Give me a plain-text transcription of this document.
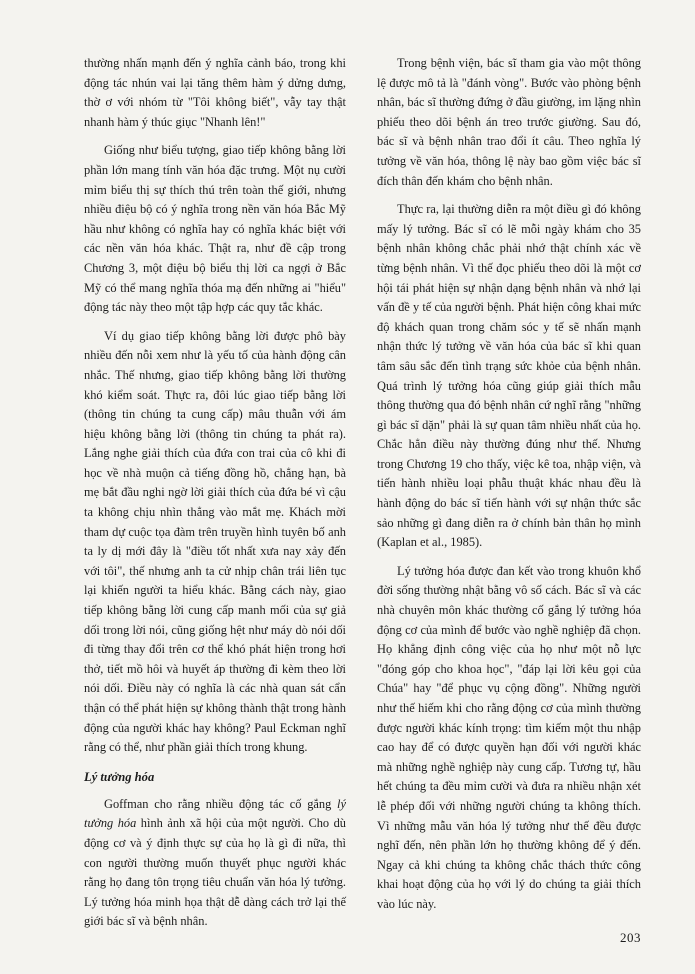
thường nhấn mạnh đến ý nghĩa cảnh báo, trong khi động tác nhún vai lại tăng thêm hàm ý dửng dưng, thờ ơ với nhóm từ "Tôi không biết", vẫy tay thật nhanh hàm ý thúc giục "Nhanh lên!"

Giống như biểu tượng, giao tiếp không bằng lời phần lớn mang tính văn hóa đặc trưng. Một nụ cười mỉm biểu thị sự thích thú trên toàn thế giới, nhưng nhiều điệu bộ có ý nghĩa trong nền văn hóa Bắc Mỹ hầu như không có nghĩa hay có nghĩa khác biệt với các nền văn hóa khác. Thật ra, như đề cập trong Chương 3, một điệu bộ biểu thị lời ca ngợi ở Bắc Mỹ có thể mang nghĩa thóa mạ đến những ai "hiểu" động tác này theo một tập hợp các quy tắc khác.

Ví dụ giao tiếp không bằng lời được phô bày nhiều đến nỗi xem như là yếu tố của hành động cân nhắc. Thế nhưng, giao tiếp không bằng lời thường khó kiểm soát. Thực ra, đôi lúc giao tiếp bằng lời (thông tin chúng ta cung cấp) mâu thuẫn với ám hiệu không bằng lời (thông tin chúng ta phát ra). Lắng nghe giải thích của đứa con trai của cô khi đi học về nhà muộn cả tiếng đồng hồ, chẳng hạn, bà mẹ bắt đầu nghi ngờ lời giải thích của đứa bé vì cậu ta không chịu nhìn thẳng vào mắt mẹ. Khách mời tham dự cuộc tọa đàm trên truyền hình tuyên bố anh ta ly dị mới đây là "điều tốt nhất xưa nay xảy đến với tôi", thế nhưng anh ta cử nhịp chân trái liên tục lại khiến người ta hiểu khác. Bằng cách này, giao tiếp không bằng lời cung cấp manh mối của sự giả dối trong lời nói, cũng giống hệt như máy dò nói dối đi từng thay đổi trên cơ thể khó phát hiện trong hơi thở, tiết mồ hôi và huyết áp thường đi kèm theo lời nói dối. Điều này có nghĩa là các nhà quan sát cẩn thận có thể phát hiện sự không thành thật trong hành động của người khác hay không? Paul Eckman nghĩ rằng có thể, như phần giải thích trong khung.

Lý tưởng hóa

Goffman cho rằng nhiều động tác cố gắng lý tưởng hóa hình ảnh xã hội của một người. Cho dù động cơ và ý định thực sự của họ là gì đi nữa, thì con người thường muốn thuyết phục người khác rằng họ đang tôn trọng tiêu chuẩn văn hóa lý tưởng. Lý tưởng hóa minh họa thật dễ dàng cách trở lại thế giới bác sĩ và bệnh nhân.

Trong bệnh viện, bác sĩ tham gia vào một thông lệ được mô tả là "đánh vòng". Bước vào phòng bệnh nhân, bác sĩ thường đứng ở đầu giường, im lặng nhìn phiếu theo dõi bệnh án treo trước giường. Sau đó, bác sĩ và bệnh nhân trao đổi ít câu. Theo nghĩa lý tưởng về văn hóa, thông lệ này bao gồm việc bác sĩ đích thân đến khám cho bệnh nhân.

Thực ra, lại thường diễn ra một điều gì đó không mấy lý tưởng. Bác sĩ có lẽ mỗi ngày khám cho 35 bệnh nhân không chắc phải nhớ thật chính xác về từng bệnh nhân. Vì thế đọc phiếu theo dõi là một cơ hội tái phát hiện sự nhận dạng bệnh nhân và nhớ lại vấn đề y tế của người bệnh. Phát hiện công khai mức độ khách quan trong chăm sóc y tế sẽ nhấn mạnh nhận thức lý tưởng về văn hóa của bác sĩ khi quan tâm sâu sắc đến tình trạng sức khỏe của bệnh nhân. Quá trình lý tưởng hóa cũng giúp giải thích mẫu thông thường qua đó bệnh nhân cứ nghĩ rằng "những gì bác sĩ dặn" phải là sự quan tâm nhiều nhất của họ. Chắc hẳn điều này thường đúng như thế. Nhưng trong Chương 19 cho thấy, việc kê toa, nhập viện, và tiến hành nhiều loại phẫu thuật khác nhau đều là hành động do bác sĩ tiến hành với sự nhận thức sắc sảo những gì đang diễn ra ở chính bản thân họ mình (Kaplan et al., 1985).

Lý tưởng hóa được đan kết vào trong khuôn khổ đời sống thường nhật bằng vô số cách. Bác sĩ và các nhà chuyên môn khác thường cố gắng lý tưởng hóa động cơ của mình để bước vào nghề nghiệp đã chọn. Họ khẳng định công việc của họ như một nỗ lực "đóng góp cho khoa học", "đáp lại lời kêu gọi của Chúa" hay "để phục vụ cộng đồng". Những người như thế hiếm khi cho rằng động cơ của mình thường được người khác kính trọng: tìm kiếm một thu nhập cao hay để có được quyền hạn đối với người khác mà những nghề nghiệp này cung cấp. Tương tự, hầu hết chúng ta đều mỉm cười và đưa ra nhiều nhận xét lễ phép đối với những người chúng ta không thích. Vì những mẫu văn hóa lý tưởng như thế đều được nghĩ đến, nên phần lớn họ thường không để ý đến. Ngay cả khi chúng ta không chắc thách thức công khai hoạt động của họ với lý do chúng ta giải thích vào lúc này.

203
